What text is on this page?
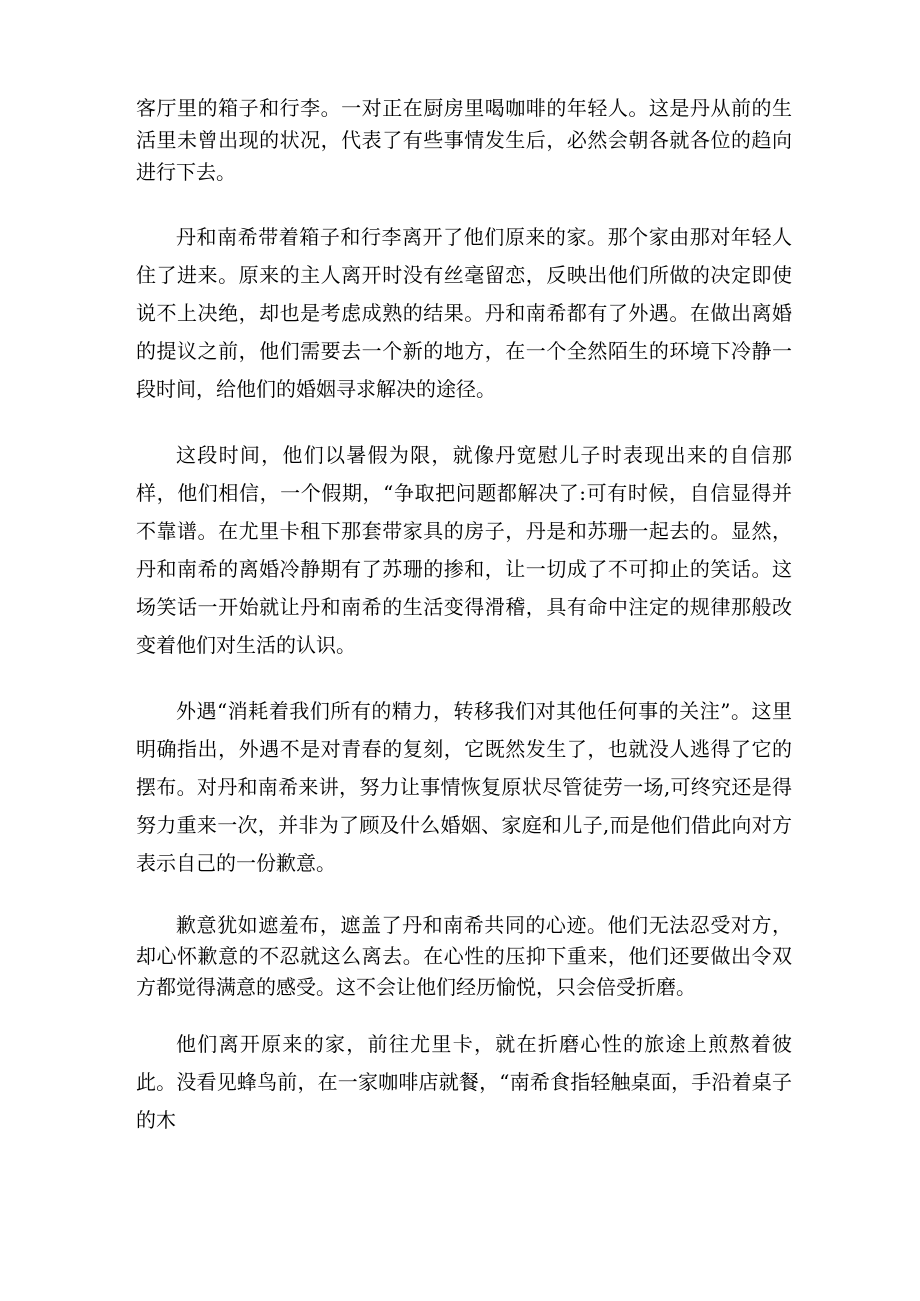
客厅里的箱子和行李。一对正在厨房里喝咖啡的年轻人。这是丹从前的生活里未曾出现的状况，代表了有些事情发生后，必然会朝各就各位的趋向进行下去。

丹和南希带着箱子和行李离开了他们原来的家。那个家由那对年轻人住了进来。原来的主人离开时没有丝毫留恋，反映出他们所做的决定即使说不上决绝，却也是考虑成熟的结果。丹和南希都有了外遇。在做出离婚的提议之前，他们需要去一个新的地方，在一个全然陌生的环境下冷静一段时间，给他们的婚姻寻求解决的途径。

这段时间，他们以暑假为限，就像丹宽慰儿子时表现出来的自信那样，他们相信，一个假期，“争取把问题都解决了:可有时候，自信显得并不靠谱。在尤里卡租下那套带家具的房子，丹是和苏珊一起去的。显然，丹和南希的离婚冷静期有了苏珊的掺和，让一切成了不可抑止的笑话。这场笑话一开始就让丹和南希的生活变得滑稽，具有命中注定的规律那般改变着他们对生活的认识。

外遇“消耗着我们所有的精力，转移我们对其他任何事的关注”。这里明确指出，外遇不是对青春的复刻，它既然发生了，也就没人逃得了它的摆布。对丹和南希来讲，努力让事情恢复原状尽管徒劳一场,可终究还是得努力重来一次，并非为了顾及什么婚姻、家庭和儿子,而是他们借此向对方表示自己的一份歉意。

歉意犹如遮羞布，遮盖了丹和南希共同的心迹。他们无法忍受对方，却心怀歉意的不忍就这么离去。在心性的压抑下重来，他们还要做出令双方都觉得满意的感受。这不会让他们经历愉悦，只会倍受折磨。

他们离开原来的家，前往尤里卡，就在折磨心性的旅途上煎熬着彼此。没看见蜂鸟前，在一家咖啡店就餐，“南希食指轻触桌面，手沿着桌子的木
